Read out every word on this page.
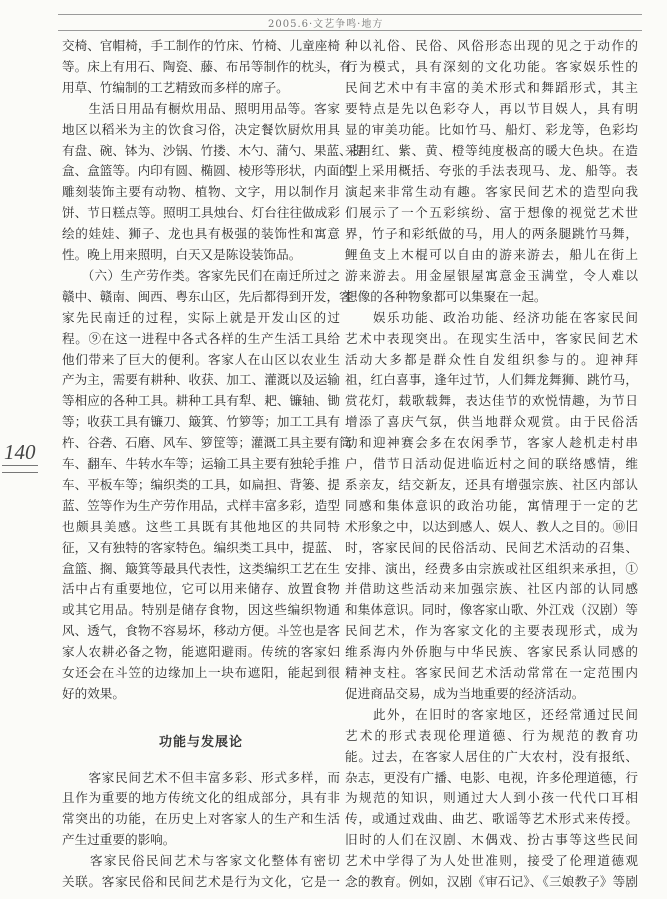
2005.6·文艺争鸣·地方
140
交椅、官帽椅，手工制作的竹床、竹椅、儿童座椅
等。床上有用石、陶瓷、藤、布吊等制作的枕头，有
用草、竹编制的工艺精致而多样的席子。
　　生活日用品有橱炊用品、照明用品等。客家
地区以稻米为主的饮食习俗，决定餐饮厨炊用具
有盘、碗、钵为、沙锅、竹搂、木勺、蒲勺、果蓝、提
盒、盒篮等。内印有圆、椭圆、棱形等形状，内面的
雕刻装饰主要有动物、植物、文字，用以制作月
饼、节日糕点等。照明工具烛台、灯台往往做成彩
绘的娃娃、狮子、龙也具有极强的装饰性和寓意
性。晚上用来照明，白天又是陈设装饰品。
　　（六）生产劳作类。客家先民们在南迁所过之
赣中、赣南、闽西、粤东山区，先后都得到开发，客
家先民南迁的过程，实际上就是开发山区的过
程。⑨在这一进程中各式各样的生产生活工具给
他们带来了巨大的便利。客家人在山区以农业生
产为主，需要有耕种、收获、加工、灌溉以及运输
等相应的各种工具。耕种工具有犁、耙、镰轴、锄
等；收获工具有镰刀、簸箕、竹箩等；加工工具有
杵、谷砻、石磨、风车、箩筐等；灌溉工具主要有筒
车、翻车、牛转水车等；运输工具主要有独轮手推
车、平板车等；编织类的工具，如扁担、背篓、提
蓝、笠等作为生产劳作用品，式样丰富多彩，造型
也颇具美感。这些工具既有其他地区的共同特
征，又有独特的客家特色。编织类工具中，提蓝、
盒篮、搁、簸箕等最具代表性，这类编织工艺在生
活中占有重要地位，它可以用来储存、放置食物
或其它用品。特别是储存食物，因这些编织物通
风、透气，食物不容易坏，移动方便。斗笠也是客
家人农耕必备之物，能遮阳避雨。传统的客家妇
女还会在斗笠的边缘加上一块布遮阳，能起到很
好的效果。
功能与发展论
　　客家民间艺术不但丰富多彩、形式多样，而
且作为重要的地方传统文化的组成部分，具有非
常突出的功能，在历史上对客家人的生产和生活
产生过重要的影响。
　　客家民俗民间艺术与客家文化整体有密切
关联。客家民俗和民间艺术是行为文化，它是一
种以礼俗、民俗、风俗形态出现的见之于动作的
行为模式，具有深刻的文化功能。客家娱乐性的
民间艺术中有丰富的美术形式和舞蹈形式，其主
要特点是先以色彩夺人，再以节目娱人，具有明
显的审美功能。比如竹马、船灯、彩龙等，色彩均
采用红、紫、黄、橙等纯度极高的暖大色块。在造
型上采用概括、夸张的手法表现马、龙、船等。表
演起来非常生动有趣。客家民间艺术的造型向我
们展示了一个五彩缤纷、富于想像的视觉艺术世
界，竹子和彩纸做的马，用人的两条腿跳竹马舞，
鲤鱼支上木棍可以自由的游来游去，船儿在街上
游来游去。用金屋银屋寓意金玉满堂，令人难以
想像的各种物象都可以集聚在一起。
　　娱乐功能、政治功能、经济功能在客家民间
艺术中表现突出。在现实生活中，客家民间艺术
活动大多都是群众性自发组织参与的。迎神拜
祖，红白喜事，逢年过节，人们舞龙舞狮、跳竹马，
赏花灯，载歌载舞，表达佳节的欢悦情趣，为节日
增添了喜庆气氛，供当地群众观赏。由于民俗活
动和迎神赛会多在农闲季节，客家人趁机走村串
户，借节日活动促进临近村之间的联络感情，维
系亲友，结交新友，还具有增强宗族、社区内部认
同感和集体意识的政治功能，寓情理于一定的艺
术形象之中，以达到感人、娱人、教人之目的。⑩旧
时，客家民间的民俗活动、民间艺术活动的召集、
安排、演出，经费多由宗族或社区组织来承担，①
并借助这些活动来加强宗族、社区内部的认同感
和集体意识。同时，像客家山歌、外江戏（汉剧）等
民间艺术，作为客家文化的主要表现形式，成为
维系海内外侨胞与中华民族、客家民系认同感的
精神支柱。客家民间艺术活动常常在一定范围内
促进商品交易，成为当地重要的经济活动。
　　此外，在旧时的客家地区，还经常通过民间
艺术的形式表现伦理道德、行为规范的教育功
能。过去，在客家人居住的广大农村，没有报纸、
杂志，更没有广播、电影、电视，许多伦理道德，行
为规范的知识，则通过大人到小孩一代代口耳相
传，或通过戏曲、曲艺、歌谣等艺术形式来传授。
旧时的人们在汉剧、木偶戏、扮古事等这些民间
艺术中学得了为人处世准则，接受了伦理道德观
念的教育。例如，汉剧《审石记》、《三娘教子》等剧
